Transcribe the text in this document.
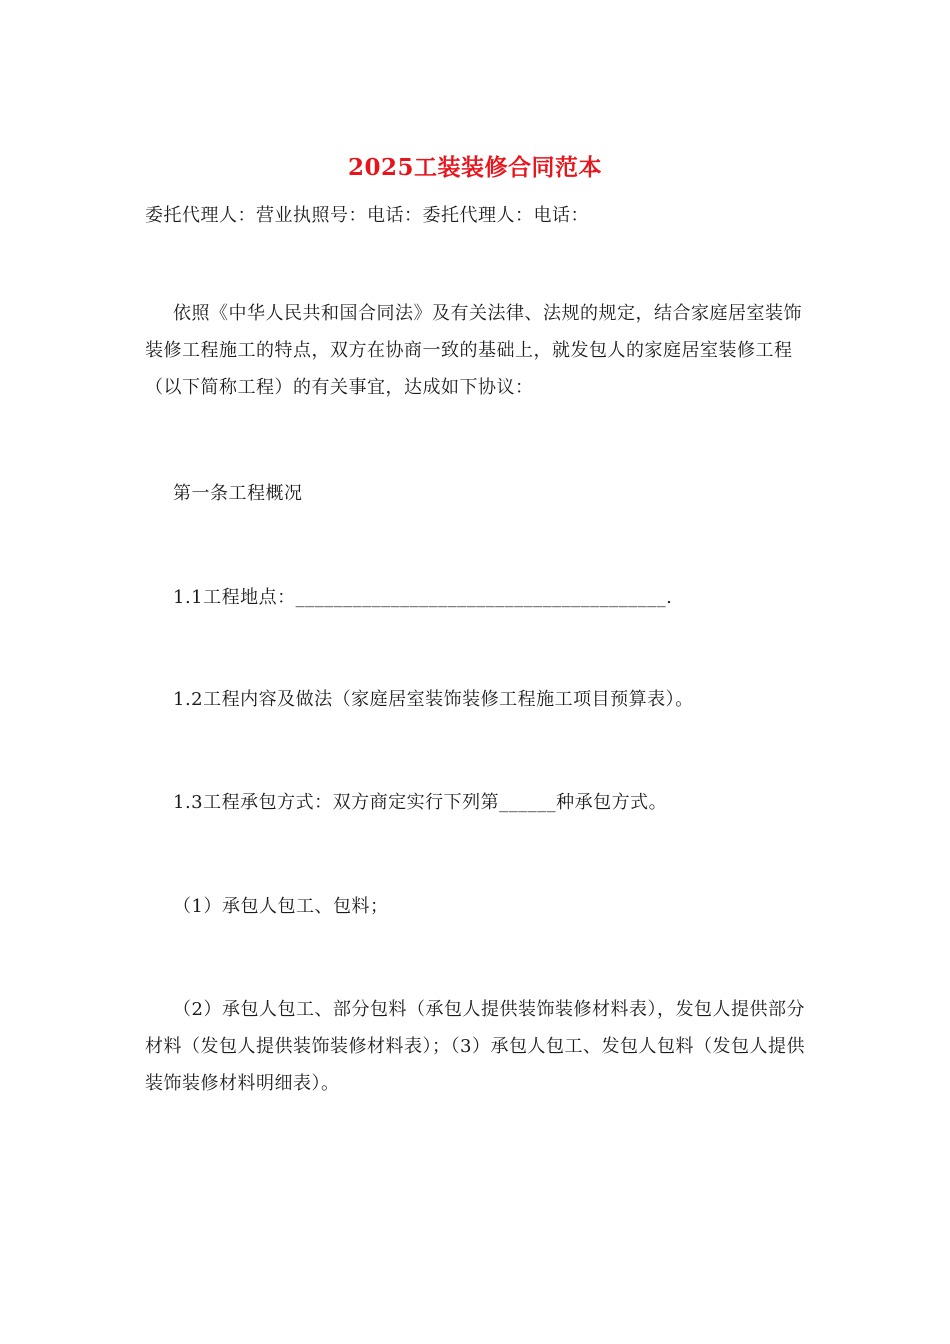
2025工装装修合同范本
委托代理人：营业执照号：电话：委托代理人：电话：
依照《中华人民共和国合同法》及有关法律、法规的规定，结合家庭居室装饰装修工程施工的特点，双方在协商一致的基础上，就发包人的家庭居室装修工程（以下简称工程）的有关事宜，达成如下协议：
第一条工程概况
1.1工程地点：_______________________________________.
1.2工程内容及做法（家庭居室装饰装修工程施工项目预算表）。
1.3工程承包方式：双方商定实行下列第______种承包方式。
（1）承包人包工、包料；
（2）承包人包工、部分包料（承包人提供装饰装修材料表），发包人提供部分材料（发包人提供装饰装修材料表）；（3）承包人包工、发包人包料（发包人提供装饰装修材料明细表）。
